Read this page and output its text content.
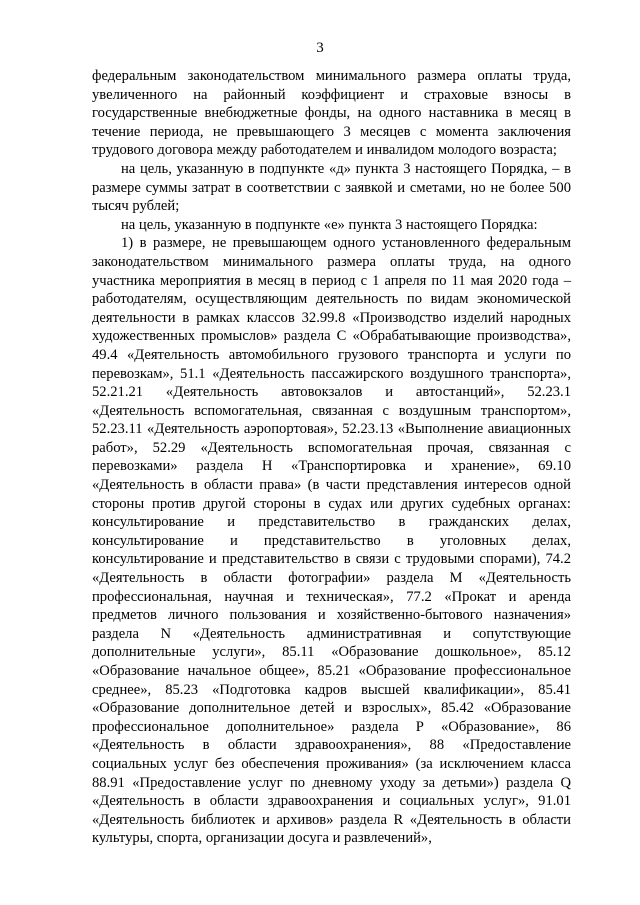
3

федеральным законодательством минимального размера оплаты труда, увеличенного на районный коэффициент и страховые взносы в государственные внебюджетные фонды, на одного наставника в месяц в течение периода, не превышающего 3 месяцев с момента заключения трудового договора между работодателем и инвалидом молодого возраста;

на цель, указанную в подпункте «д» пункта 3 настоящего Порядка, – в размере суммы затрат в соответствии с заявкой и сметами, но не более 500 тысяч рублей;

на цель, указанную в подпункте «е» пункта 3 настоящего Порядка:

1) в размере, не превышающем одного установленного федеральным законодательством минимального размера оплаты труда, на одного участника мероприятия в месяц в период с 1 апреля по 11 мая 2020 года – работодателям, осуществляющим деятельность по видам экономической деятельности в рамках классов 32.99.8 «Производство изделий народных художественных промыслов» раздела С «Обрабатывающие производства», 49.4 «Деятельность автомобильного грузового транспорта и услуги по перевозкам», 51.1 «Деятельность пассажирского воздушного транспорта», 52.21.21 «Деятельность автовокзалов и автостанций», 52.23.1 «Деятельность вспомогательная, связанная с воздушным транспортом», 52.23.11 «Деятельность аэропортовая», 52.23.13 «Выполнение авиационных работ», 52.29 «Деятельность вспомогательная прочая, связанная с перевозками» раздела Н «Транспортировка и хранение», 69.10 «Деятельность в области права» (в части представления интересов одной стороны против другой стороны в судах или других судебных органах: консультирование и представительство в гражданских делах, консультирование и представительство в уголовных делах, консультирование и представительство в связи с трудовыми спорами), 74.2 «Деятельность в области фотографии» раздела М «Деятельность профессиональная, научная и техническая», 77.2 «Прокат и аренда предметов личного пользования и хозяйственно-бытового назначения» раздела N «Деятельность административная и сопутствующие дополнительные услуги», 85.11 «Образование дошкольное», 85.12 «Образование начальное общее», 85.21 «Образование профессиональное среднее», 85.23 «Подготовка кадров высшей квалификации», 85.41 «Образование дополнительное детей и взрослых», 85.42 «Образование профессиональное дополнительное» раздела Р «Образование», 86 «Деятельность в области здравоохранения», 88 «Предоставление социальных услуг без обеспечения проживания» (за исключением класса 88.91 «Предоставление услуг по дневному уходу за детьми») раздела Q «Деятельность в области здравоохранения и социальных услуг», 91.01 «Деятельность библиотек и архивов» раздела R «Деятельность в области культуры, спорта, организации досуга и развлечений»,
